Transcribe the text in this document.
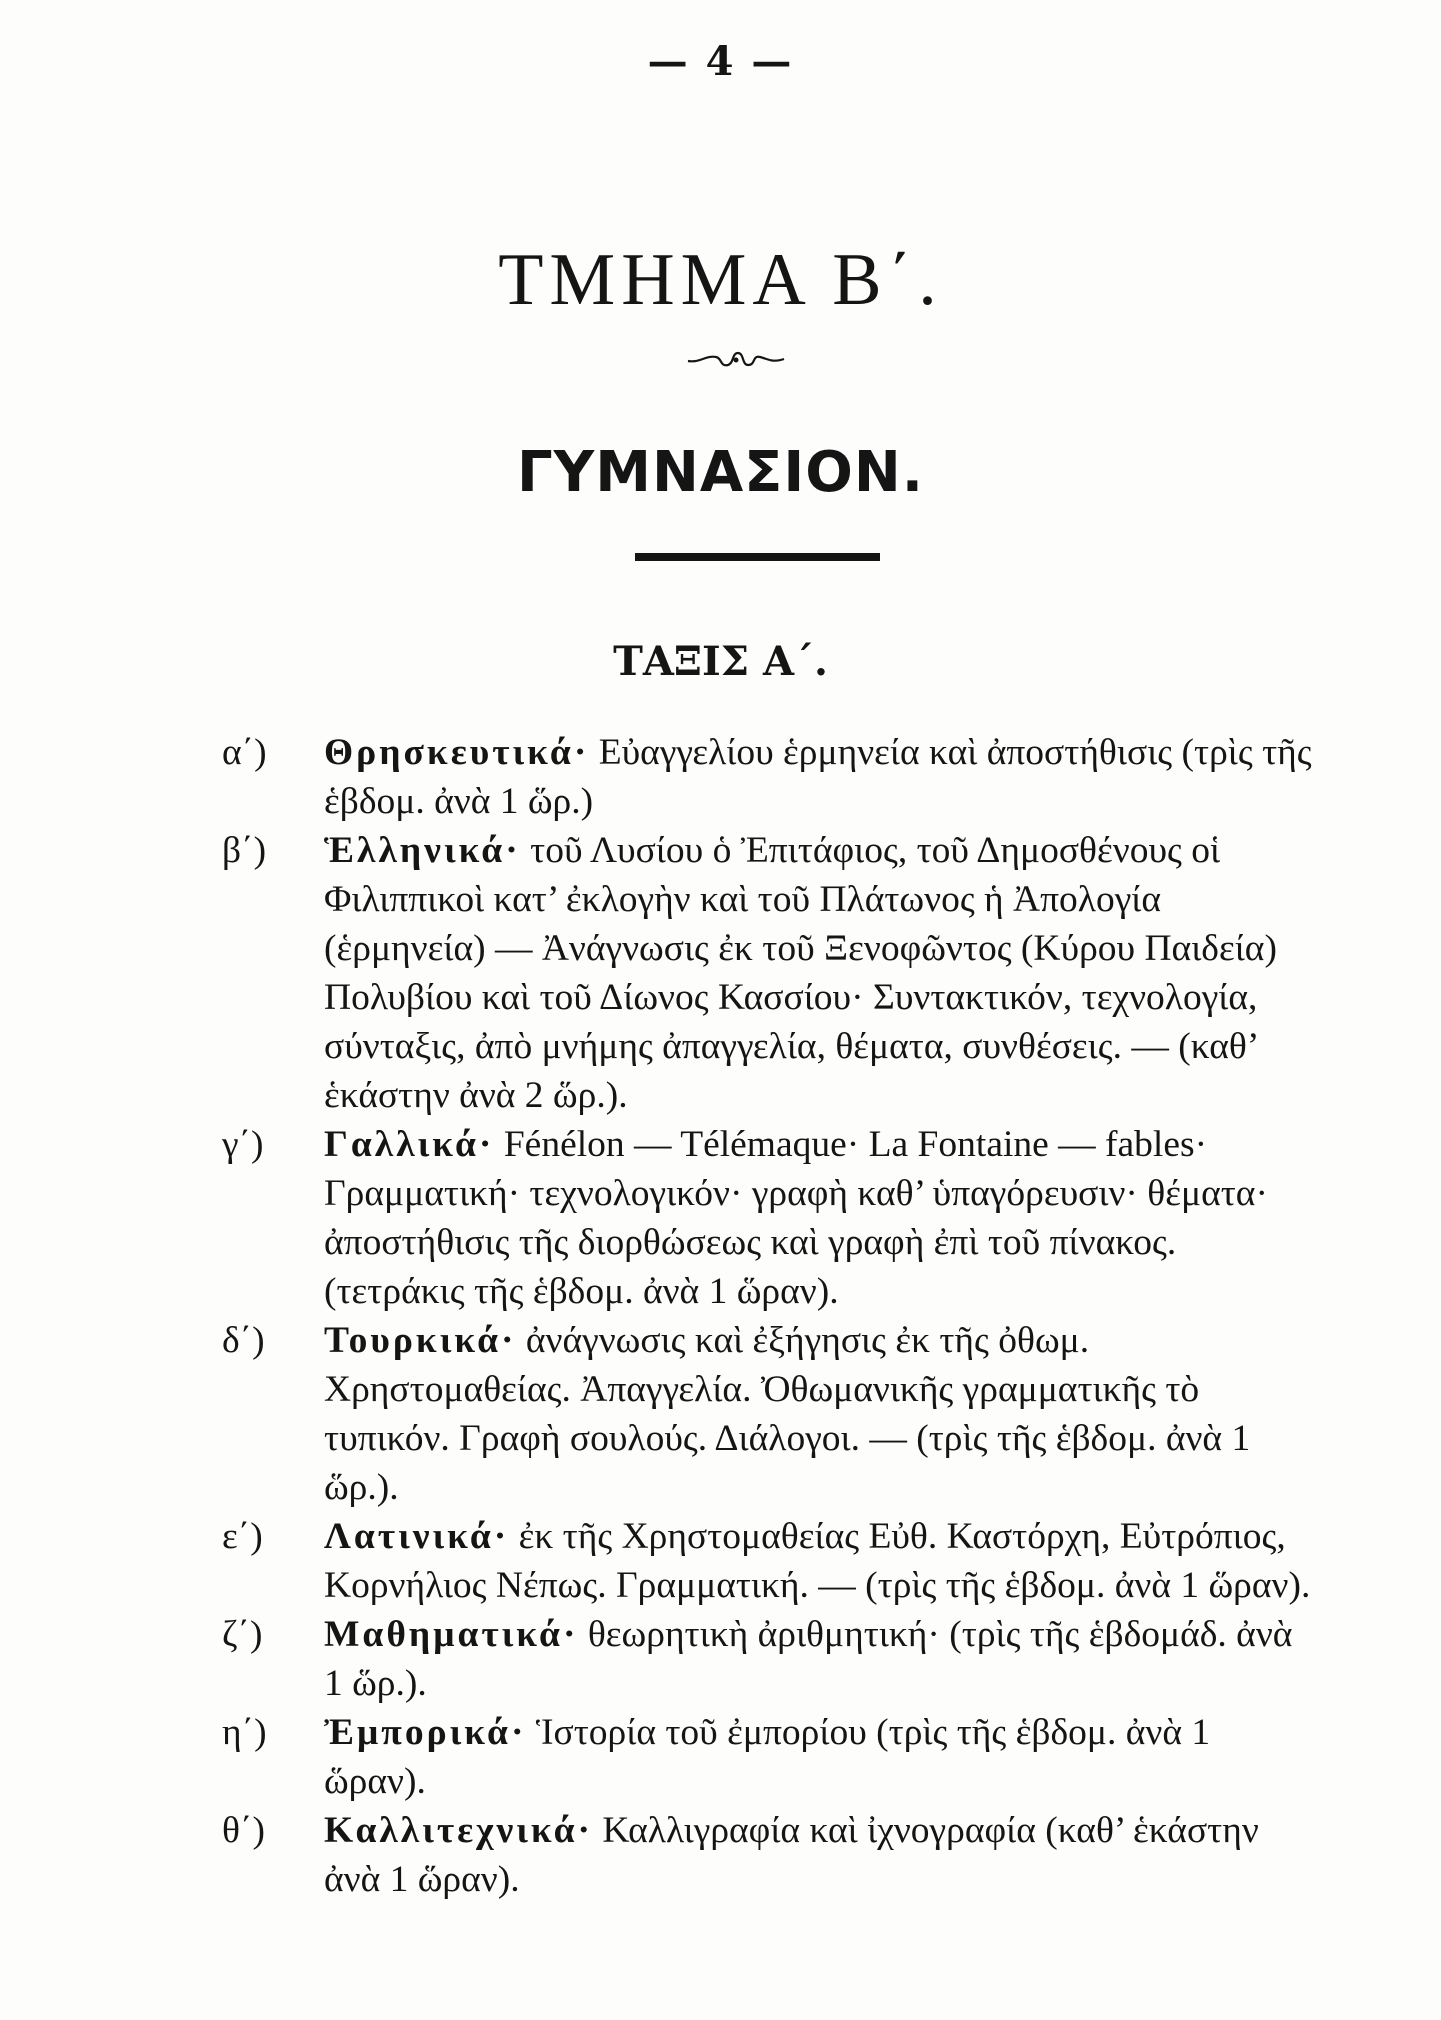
— 4 —
ΤΜΗΜΑ Β΄.
ΓΥΜΝΑΣΙΟΝ.
ΤΑΞΙΣ Α΄.

α΄) Θρησκευτικά· Εὐαγγελίου ἑρμηνεία καὶ ἀποστήθισις (τρὶς τῆς ἑβδομ. ἀνὰ 1 ὥρ.)

β΄) Ἑλληνικά· τοῦ Λυσίου ὁ Ἐπιτάφιος, τοῦ Δημοσθένους οἱ Φιλιππικοὶ κατ’ ἐκλογὴν καὶ τοῦ Πλάτωνος ἡ Ἀπολογία (ἑρμηνεία) — Ἀνάγνωσις ἐκ τοῦ Ξενοφῶντος (Κύρου Παιδεία) Πολυβίου καὶ τοῦ Δίωνος Κασσίου· Συντακτικόν, τεχνολογία, σύνταξις, ἀπὸ μνήμης ἀπαγγελία, θέματα, συνθέσεις. — (καθ’ ἑκάστην ἀνὰ 2 ὥρ.).

γ΄) Γαλλικά· Fénélon — Télémaque· La Fontaine — fables· Γραμματική· τεχνολογικόν· γραφὴ καθ’ ὑπαγόρευσιν· θέματα· ἀποστήθισις τῆς διορθώσεως καὶ γραφὴ ἐπὶ τοῦ πίνακος. (τετράκις τῆς ἑβδομ. ἀνὰ 1 ὥραν).

δ΄) Τουρκικά· ἀνάγνωσις καὶ ἐξήγησις ἐκ τῆς ὀθωμ. Χρηστομαθείας. Ἀπαγγελία. Ὀθωμανικῆς γραμματικῆς τὸ τυπικόν. Γραφὴ σουλούς. Διάλογοι. — (τρὶς τῆς ἑβδομ. ἀνὰ 1 ὥρ.).

ε΄) Λατινικά· ἐκ τῆς Χρηστομαθείας Εὐθ. Καστόρχη, Εὐτρόπιος, Κορνήλιος Νέπως. Γραμματική. — (τρὶς τῆς ἑβδομ. ἀνὰ 1 ὥραν).

ζ΄) Μαθηματικά· θεωρητικὴ ἀριθμητική· (τρὶς τῆς ἑβδομάδ. ἀνὰ 1 ὥρ.).

η΄) Ἐμπορικά· Ἱστορία τοῦ ἐμπορίου (τρὶς τῆς ἑβδομ. ἀνὰ 1 ὥραν).

θ΄) Καλλιτεχνικά· Καλλιγραφία καὶ ἰχνογραφία (καθ’ ἑκάστην ἀνὰ 1 ὥραν).
